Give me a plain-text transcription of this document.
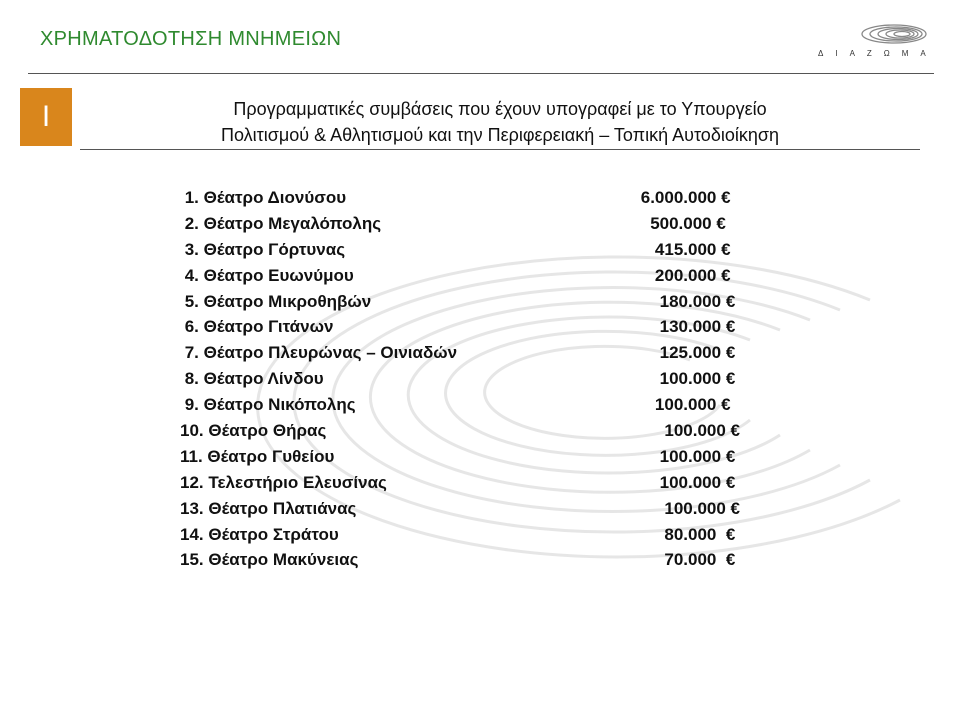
ΧΡΗΜΑΤΟΔΟΤΗΣΗ ΜΝΗΜΕΙΩΝ
ΔΙΑΖΩΜΑ
I	Προγραμματικές συμβάσεις που έχουν υπογραφεί με το Υπουργείο
Πολιτισμού & Αθλητισμού και την Περιφερειακή – Τοπική Αυτοδιοίκηση
1. Θέατρο Διονύσου	6.000.000 €
2. Θέατρο Μεγαλόπολης	500.000 €
3. Θέατρο Γόρτυνας	415.000 €
4. Θέατρο Ευωνύμου	200.000 €
5. Θέατρο Μικροθηβών	180.000 €
6. Θέατρο Γιτάνων	130.000 €
7. Θέατρο Πλευρώνας – Οινιαδών	125.000 €
8. Θέατρο Λίνδου	100.000 €
9. Θέατρο Νικόπολης	100.000 €
10. Θέατρο Θήρας	100.000 €
11. Θέατρο Γυθείου	100.000 €
12. Τελεστήριο Ελευσίνας	100.000 €
13. Θέατρο Πλατιάνας	100.000 €
14. Θέατρο Στράτου	80.000  €
15. Θέατρο Μακύνειας	70.000  €
